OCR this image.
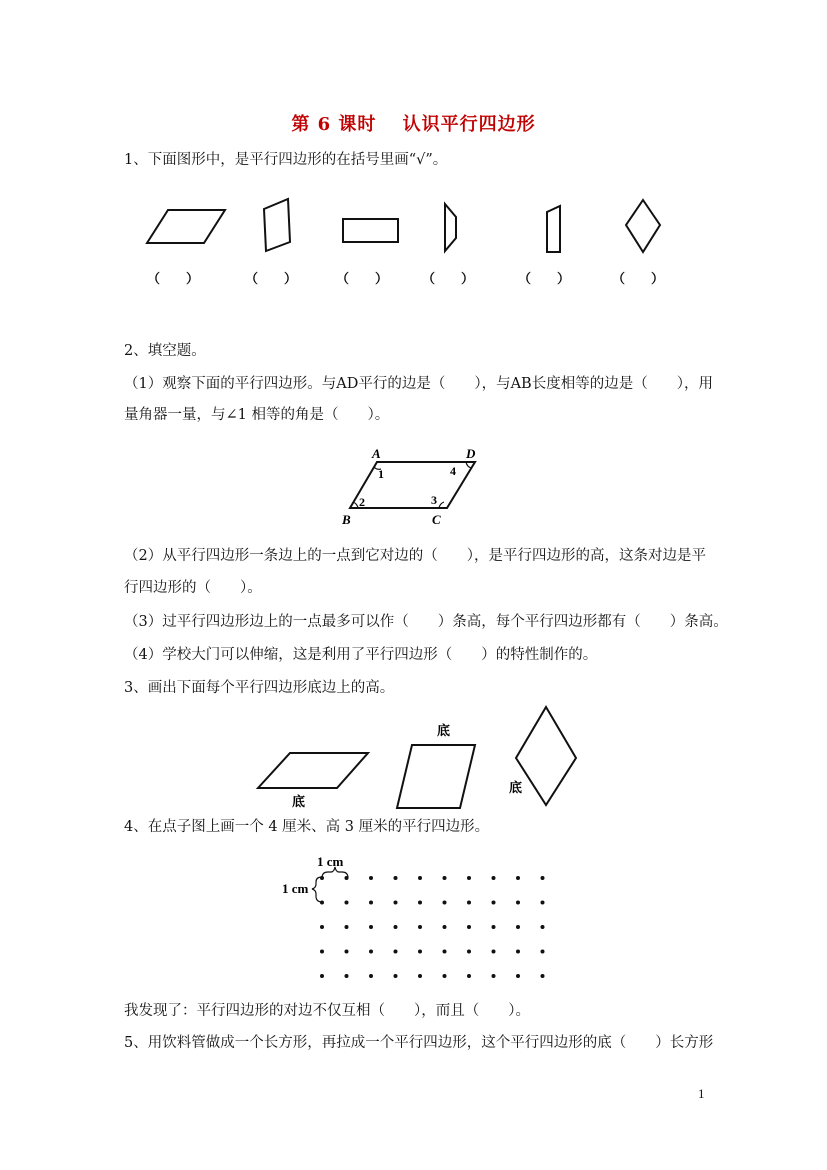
第 6 课时　 认识平行四边形
1、下面图形中，是平行四边形的在括号里画“√”。
（　　）	（　　）	（　　）	（　　）	（　　）	（　　）
2、填空题。
（1）观察下面的平行四边形。与AD平行的边是（　　），与AB长度相等的边是（　　），用
量角器一量，与∠1 相等的角是（　　）。
A	D
B	C
1	4
2	3
（2）从平行四边形一条边上的一点到它对边的（　　），是平行四边形的高，这条对边是平
行四边形的（　　）。
（3）过平行四边形边上的一点最多可以作（　　）条高，每个平行四边形都有（　　）条高。
（4）学校大门可以伸缩，这是利用了平行四边形（　　）的特性制作的。
3、画出下面每个平行四边形底边上的高。
底
底
底
4、在点子图上画一个 4 厘米、高 3 厘米的平行四边形。
1 cm
1 cm
我发现了：平行四边形的对边不仅互相（　　），而且（　　）。
5、用饮料管做成一个长方形，再拉成一个平行四边形，这个平行四边形的底（　　）长方形
1
